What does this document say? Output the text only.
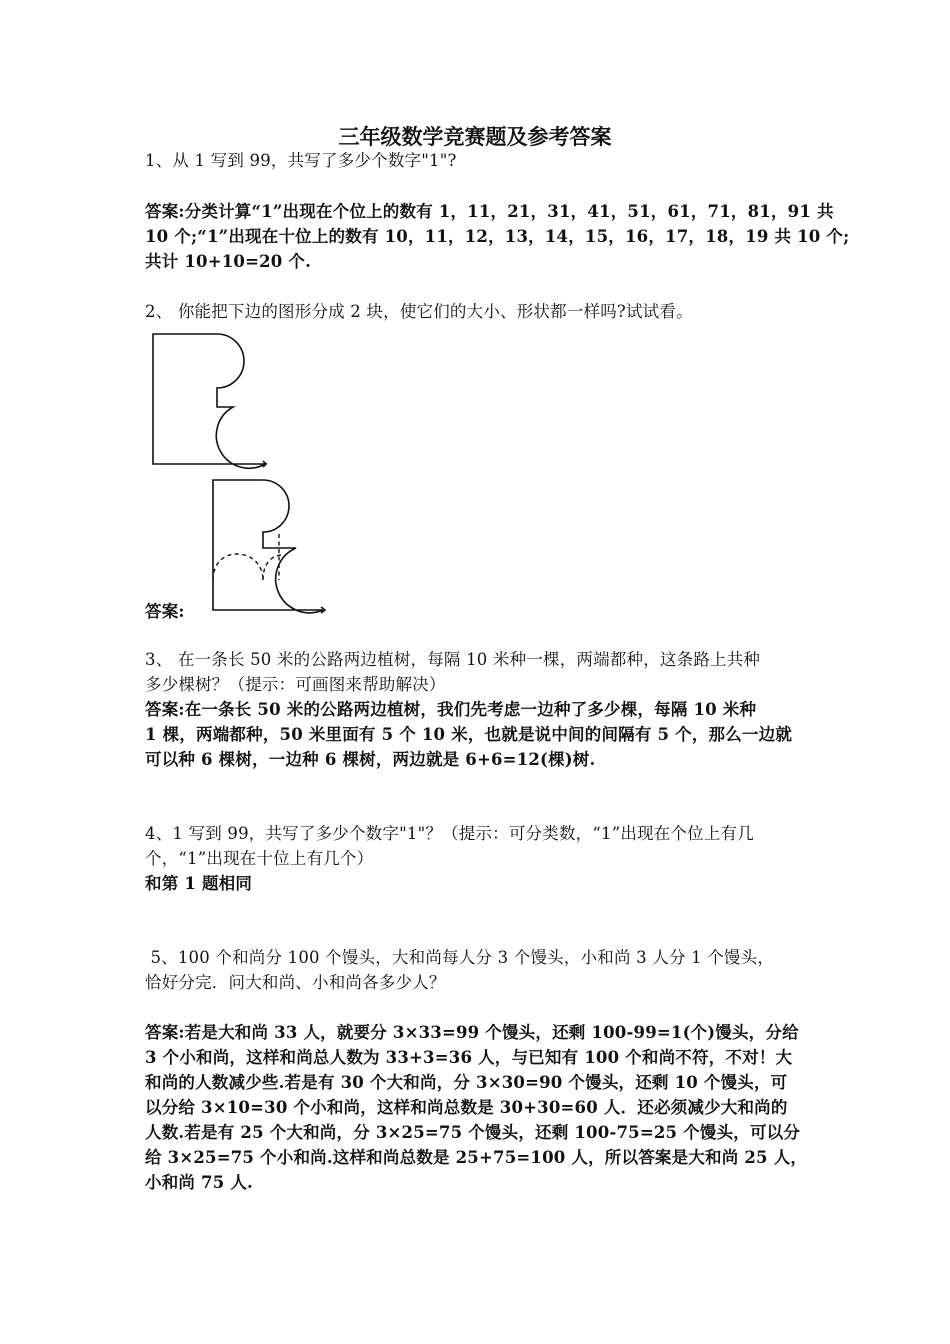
三年级数学竞赛题及参考答案

1、从 1 写到 99，共写了多少个数字"1"?

答案:分类计算“1”出现在个位上的数有 1，11，21，31，41，51，61，71，81，91 共

10 个;“1”出现在十位上的数有 10，11，12，13，14，15，16，17，18，19 共 10 个;

共计 10+10=20 个.

2、 你能把下边的图形分成 2 块，使它们的大小、形状都一样吗?试试看。

答案:

3、 在一条长 50 米的公路两边植树，每隔 10 米种一棵，两端都种，这条路上共种

多少棵树？（提示：可画图来帮助解决）

答案:在一条长 50 米的公路两边植树，我们先考虑一边种了多少棵，每隔 10 米种

1 棵，两端都种，50 米里面有 5 个 10 米，也就是说中间的间隔有 5 个，那么一边就

可以种 6 棵树，一边种 6 棵树，两边就是 6+6=12(棵)树.

4、1 写到 99，共写了多少个数字"1"？（提示：可分类数，“1”出现在个位上有几

个，“1”出现在十位上有几个）

和第 1 题相同

5、100 个和尚分 100 个馒头，大和尚每人分 3 个馒头，小和尚 3 人分 1 个馒头，

恰好分完．问大和尚、小和尚各多少人？

答案:若是大和尚 33 人，就要分 3×33=99 个馒头，还剩 100-99=1(个)馒头，分给

3 个小和尚，这样和尚总人数为 33+3=36 人，与已知有 100 个和尚不符，不对！大

和尚的人数减少些.若是有 30 个大和尚，分 3×30=90 个馒头，还剩 10 个馒头，可

以分给 3×10=30 个小和尚，这样和尚总数是 30+30=60 人．还必须减少大和尚的

人数.若是有 25 个大和尚，分 3×25=75 个馒头，还剩 100-75=25 个馒头，可以分

给 3×25=75 个小和尚.这样和尚总数是 25+75=100 人，所以答案是大和尚 25 人，

小和尚 75 人.
